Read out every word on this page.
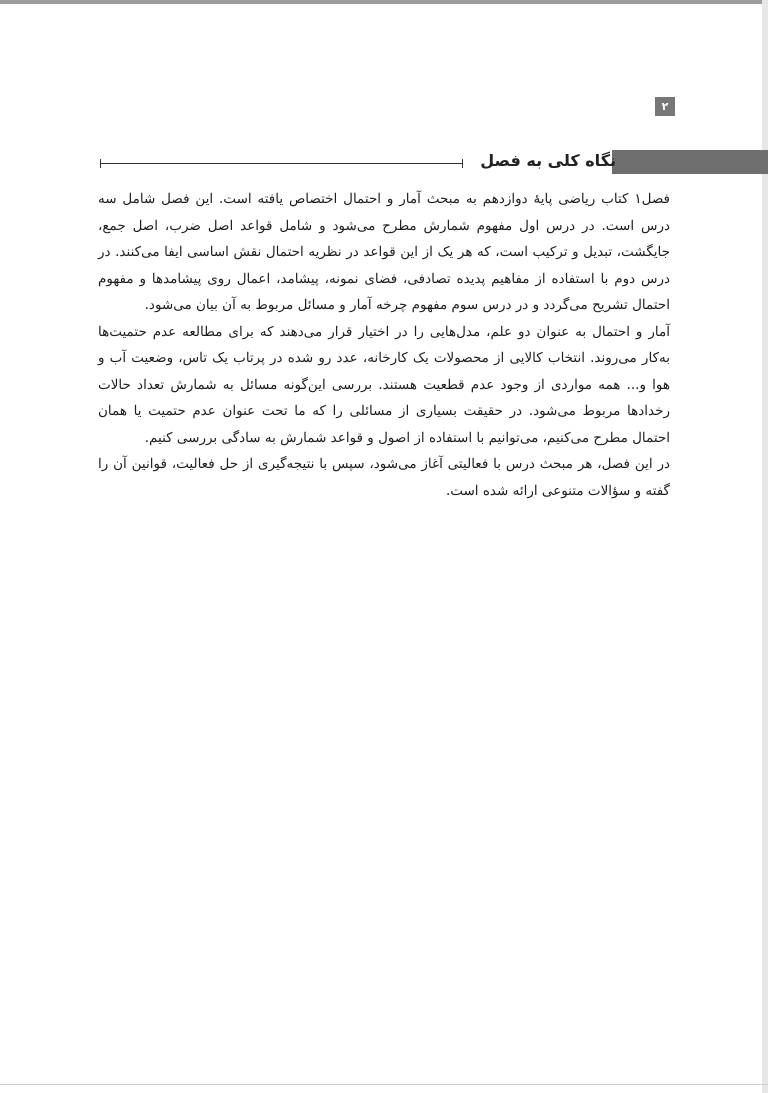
۲
نگاه کلی به فصل

فصل۱ کتاب ریاضی پایهٔ دوازدهم به مبحث آمار و احتمال اختصاص یافته است. این فصل شامل سه درس است. در درس اول مفهوم شمارش مطرح می‌شود و شامل قواعد اصل ضرب، اصل جمع، جایگشت، تبدیل و ترکیب است، که هر یک از این قواعد در نظریه احتمال نقش اساسی ایفا می‌کنند. در درس دوم با استفاده از مفاهیم پدیده تصادفی، فضای نمونه، پیشامد، اعمال روی پیشامدها و مفهوم احتمال تشریح می‌گردد و در درس سوم مفهوم چرخه آمار و مسائل مربوط به آن بیان می‌شود.

آمار و احتمال به عنوان دو علم، مدل‌هایی را در اختیار قرار می‌دهند که برای مطالعه عدم حتمیت‌ها به‌کار می‌روند. انتخاب کالایی از محصولات یک کارخانه، عدد رو شده در پرتاب یک تاس، وضعیت آب و هوا و... همه مواردی از وجود عدم قطعیت هستند. بررسی این‌گونه مسائل به شمارش تعداد حالات رخدادها مربوط می‌شود. در حقیقت بسیاری از مسائلی را که ما تحت عنوان عدم حتمیت یا همان احتمال مطرح می‌کنیم، می‌توانیم با استفاده از اصول و قواعد شمارش به سادگی بررسی کنیم.

در این فصل، هر مبحث درس با فعالیتی آغاز می‌شود، سپس با نتیجه‌گیری از حل فعالیت، قوانین آن را گفته و سؤالات متنوعی ارائه شده است.
